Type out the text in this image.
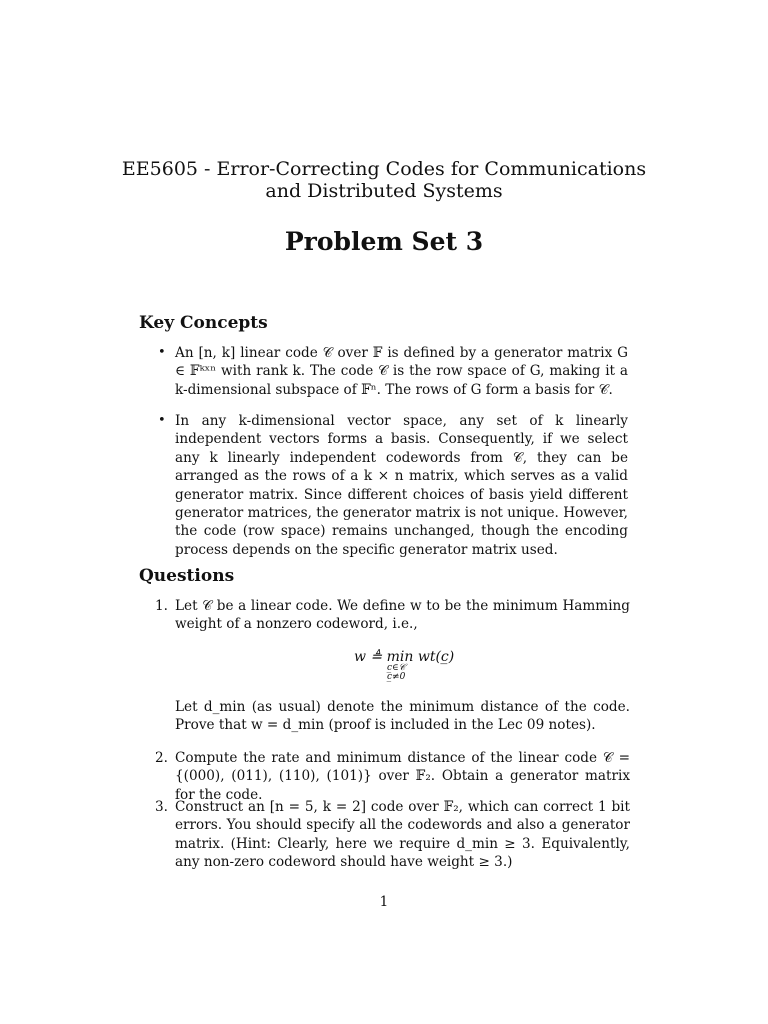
EE5605 - Error-Correcting Codes for Communications
and Distributed Systems
Problem Set 3
Key Concepts
• An [n, k] linear code 𝒞 over 𝔽 is defined by a generator matrix G ∈ 𝔽ᵏˣⁿ with rank k. The code 𝒞 is the row space of G, making it a k-dimensional subspace of 𝔽ⁿ. The rows of G form a basis for 𝒞.
• In any k-dimensional vector space, any set of k linearly independent vectors forms a basis. Consequently, if we select any k linearly independent codewords from 𝒞, they can be arranged as the rows of a k × n matrix, which serves as a valid generator matrix. Since different choices of basis yield different generator matrices, the generator matrix is not unique. However, the code (row space) remains unchanged, though the encoding process depends on the specific generator matrix used.
Questions
1. Let 𝒞 be a linear code. We define w to be the minimum Hamming weight of a nonzero codeword, i.e.,
w ≜ min wt(c̲)
c̲∈𝒞
c̲≠0
Let d_min (as usual) denote the minimum distance of the code. Prove that w = d_min (proof is included in the Lec 09 notes).
2. Compute the rate and minimum distance of the linear code 𝒞 = {(000), (011), (110), (101)} over 𝔽₂. Obtain a generator matrix for the code.
3. Construct an [n = 5, k = 2] code over 𝔽₂, which can correct 1 bit errors. You should specify all the codewords and also a generator matrix. (Hint: Clearly, here we require d_min ≥ 3. Equivalently, any non-zero codeword should have weight ≥ 3.)
1
